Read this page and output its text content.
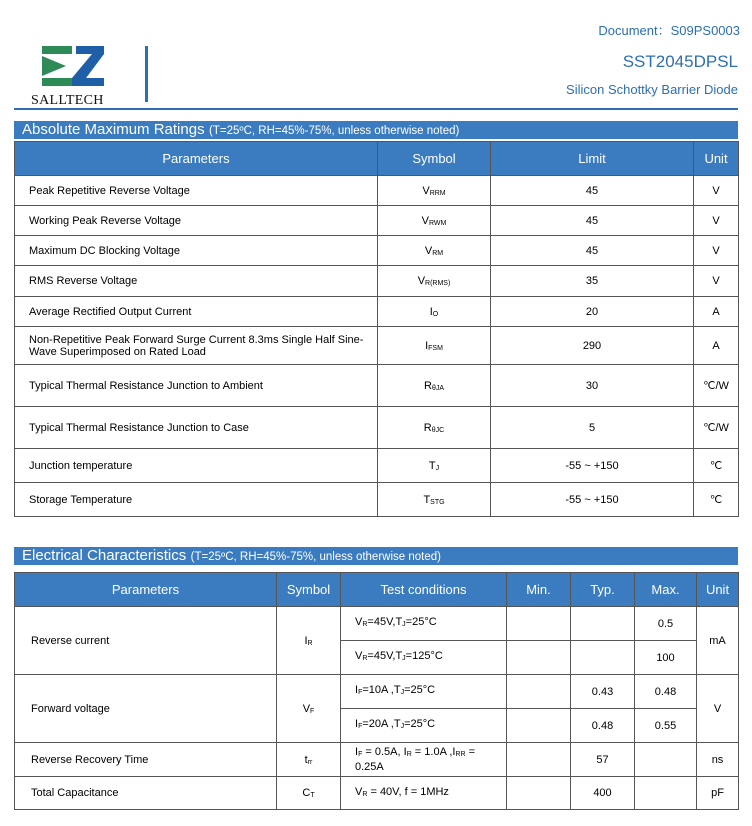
SALLTECH
Document：S09PS0003
SST2045DPSL
Silicon Schottky Barrier Diode
Absolute Maximum Ratings (T=25ºC, RH=45%-75%, unless otherwise noted)
Parameters	Symbol	Limit	Unit
Peak Repetitive Reverse Voltage	$V_{RRM}$	45	V
Working Peak Reverse Voltage	$V_{RWM}$	45	V
Maximum DC Blocking Voltage	$V_{RM}$	45	V
RMS Reverse Voltage	$V_{R(RMS)}$	35	V
Average Rectified Output Current	$I_O$	20	A
Non-Repetitive Peak Forward Surge Current 8.3ms Single Half Sine-Wave Superimposed on Rated Load	$I_{FSM}$	290	A
Typical Thermal Resistance Junction to Ambient	$R_{\theta JA}$	30	℃/W
Typical Thermal Resistance Junction to Case	$R_{\theta JC}$	5	℃/W
Junction temperature	$T_J$	-55 ~ +150	℃
Storage Temperature	$T_{STG}$	-55 ~ +150	℃
Electrical Characteristics (T=25ºC, RH=45%-75%, unless otherwise noted)
Parameters	Symbol	Test conditions	Min.	Typ.	Max.	Unit
Reverse current	$I_R$	$V_R=45V,T_J=25^\circ C$			0.5	mA
		$V_R=45V,T_J=125^\circ C$			100	
Forward voltage	$V_F$	$I_F=10A$ $,T_J=25^\circ C$		0.43	0.48	V
		$I_F=20A$ $,T_J=25^\circ C$		0.48	0.55	
Reverse Recovery Time	$t_{rr}$	$I_F = 0.5A$, $I_R = 1.0A$ $,I_{RR} = 0.25A$		57		ns
Total Capacitance	$C_T$	$V_R = 40V$, f = 1MHz		400		pF
